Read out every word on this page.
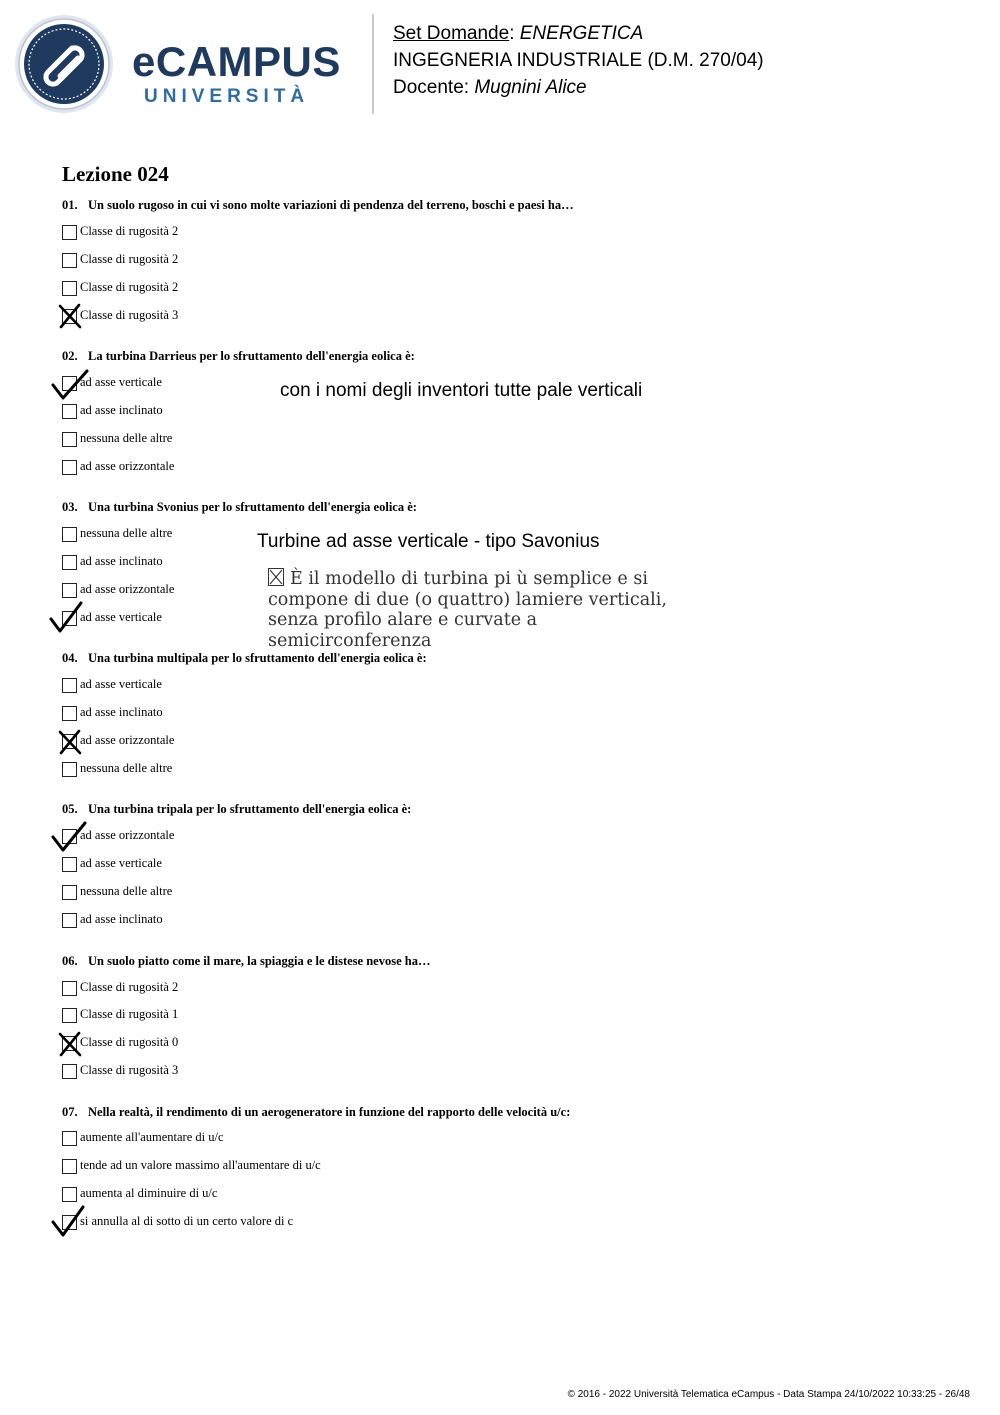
eCAMPUS
UNIVERSITÀ
Set Domande: ENERGETICA
INGEGNERIA INDUSTRIALE (D.M. 270/04)
Docente: Mugnini Alice
Lezione 024
01. Un suolo rugoso in cui vi sono molte variazioni di pendenza del terreno, boschi e paesi ha…
Classe di rugosità 2
Classe di rugosità 2
Classe di rugosità 2
Classe di rugosità 3
02. La turbina Darrieus per lo sfruttamento dell'energia eolica è:
ad asse verticale
ad asse inclinato
nessuna delle altre
ad asse orizzontale
con i nomi degli inventori tutte pale verticali
03. Una turbina Svonius per lo sfruttamento dell'energia eolica è:
nessuna delle altre
ad asse inclinato
ad asse orizzontale
ad asse verticale
Turbine ad asse verticale - tipo Savonius
È il modello di turbina pi ù semplice e si compone di due (o quattro) lamiere verticali, senza profilo alare e curvate a semicirconferenza
04. Una turbina multipala per lo sfruttamento dell'energia eolica è:
ad asse verticale
ad asse inclinato
ad asse orizzontale
nessuna delle altre
05. Una turbina tripala per lo sfruttamento dell'energia eolica è:
ad asse orizzontale
ad asse verticale
nessuna delle altre
ad asse inclinato
06. Un suolo piatto come il mare, la spiaggia e le distese nevose ha…
Classe di rugosità 2
Classe di rugosità 1
Classe di rugosità 0
Classe di rugosità 3
07. Nella realtà, il rendimento di un aerogeneratore in funzione del rapporto delle velocità u/c:
aumente all'aumentare di u/c
tende ad un valore massimo all'aumentare di u/c
aumenta al diminuire di u/c
si annulla al di sotto di un certo valore di c
© 2016 - 2022 Università Telematica eCampus - Data Stampa 24/10/2022 10:33:25 - 26/48
